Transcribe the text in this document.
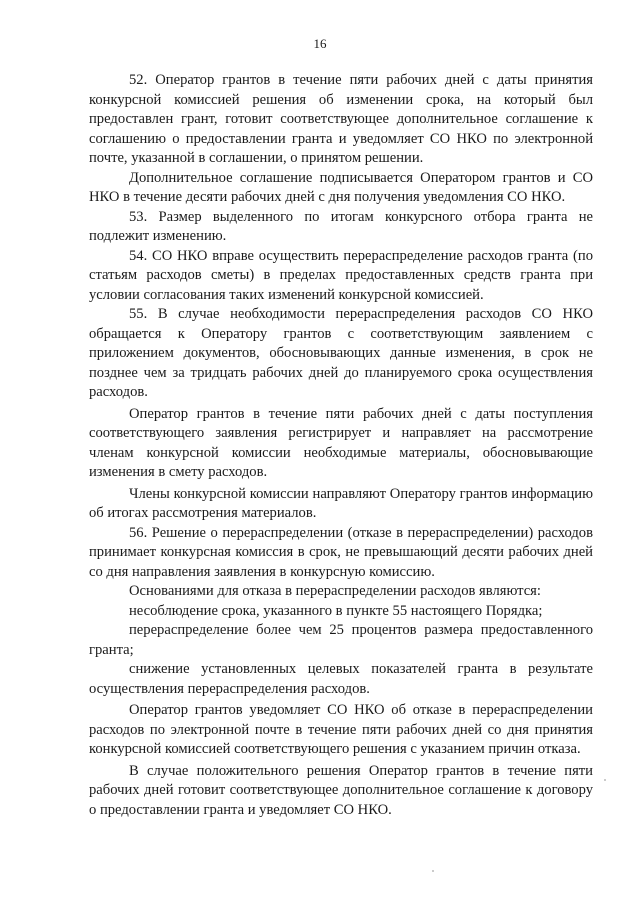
16

52. Оператор грантов в течение пяти рабочих дней с даты принятия конкурсной комиссией решения об изменении срока, на который был предоставлен грант, готовит соответствующее дополнительное соглашение к соглашению о предоставлении гранта и уведомляет СО НКО по электронной почте, указанной в соглашении, о принятом решении.

Дополнительное соглашение подписывается Оператором грантов и СО НКО в течение десяти рабочих дней с дня получения уведомления СО НКО.

53. Размер выделенного по итогам конкурсного отбора гранта не подлежит изменению.

54. СО НКО вправе осуществить перераспределение расходов гранта (по статьям расходов сметы) в пределах предоставленных средств гранта при условии согласования таких изменений конкурсной комиссией.

55. В случае необходимости перераспределения расходов СО НКО обращается к Оператору грантов с соответствующим заявлением с приложением документов, обосновывающих данные изменения, в срок не позднее чем за тридцать рабочих дней до планируемого срока осуществления расходов.

Оператор грантов в течение пяти рабочих дней с даты поступления соответствующего заявления регистрирует и направляет на рассмотрение членам конкурсной комиссии необходимые материалы, обосновывающие изменения в смету расходов.

Члены конкурсной комиссии направляют Оператору грантов информацию об итогах рассмотрения материалов.

56. Решение о перераспределении (отказе в перераспределении) расходов принимает конкурсная комиссия в срок, не превышающий десяти рабочих дней со дня направления заявления в конкурсную комиссию.

Основаниями для отказа в перераспределении расходов являются:

несоблюдение срока, указанного в пункте 55 настоящего Порядка;

перераспределение более чем 25 процентов размера предоставленного гранта;

снижение установленных целевых показателей гранта в результате осуществления перераспределения расходов.

Оператор грантов уведомляет СО НКО об отказе в перераспределении расходов по электронной почте в течение пяти рабочих дней со дня принятия конкурсной комиссией соответствующего решения с указанием причин отказа.

В случае положительного решения Оператор грантов в течение пяти рабочих дней готовит соответствующее дополнительное соглашение к договору о предоставлении гранта и уведомляет СО НКО.
